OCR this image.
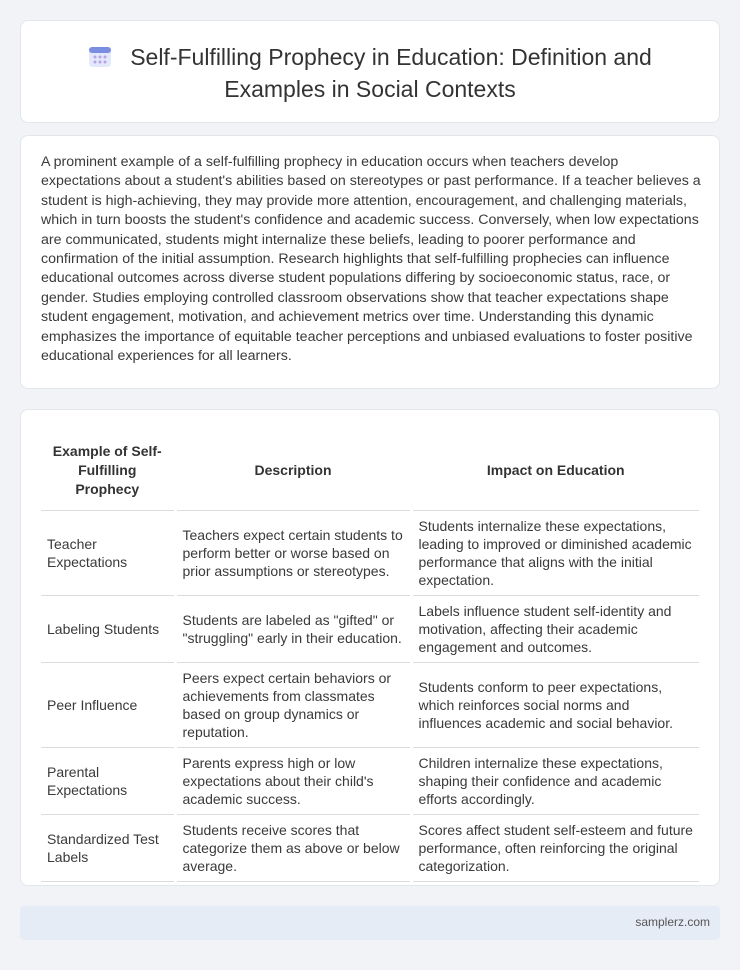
Self-Fulfilling Prophecy in Education: Definition and
Examples in Social Contexts

A prominent example of a self-fulfilling prophecy in education occurs when teachers develop expectations about a student's abilities based on stereotypes or past performance. If a teacher believes a student is high-achieving, they may provide more attention, encouragement, and challenging materials, which in turn boosts the student's confidence and academic success. Conversely, when low expectations are communicated, students might internalize these beliefs, leading to poorer performance and confirmation of the initial assumption. Research highlights that self-fulfilling prophecies can influence educational outcomes across diverse student populations differing by socioeconomic status, race, or gender. Studies employing controlled classroom observations show that teacher expectations shape student engagement, motivation, and achievement metrics over time. Understanding this dynamic emphasizes the importance of equitable teacher perceptions and unbiased evaluations to foster positive educational experiences for all learners.

Example of Self-Fulfilling Prophecy	Description	Impact on Education
Teacher Expectations	Teachers expect certain students to perform better or worse based on prior assumptions or stereotypes.	Students internalize these expectations, leading to improved or diminished academic performance that aligns with the initial expectation.
Labeling Students	Students are labeled as "gifted" or "struggling" early in their education.	Labels influence student self-identity and motivation, affecting their academic engagement and outcomes.
Peer Influence	Peers expect certain behaviors or achievements from classmates based on group dynamics or reputation.	Students conform to peer expectations, which reinforces social norms and influences academic and social behavior.
Parental Expectations	Parents express high or low expectations about their child's academic success.	Children internalize these expectations, shaping their confidence and academic efforts accordingly.
Standardized Test Labels	Students receive scores that categorize them as above or below average.	Scores affect student self-esteem and future performance, often reinforcing the original categorization.
samplerz.com
